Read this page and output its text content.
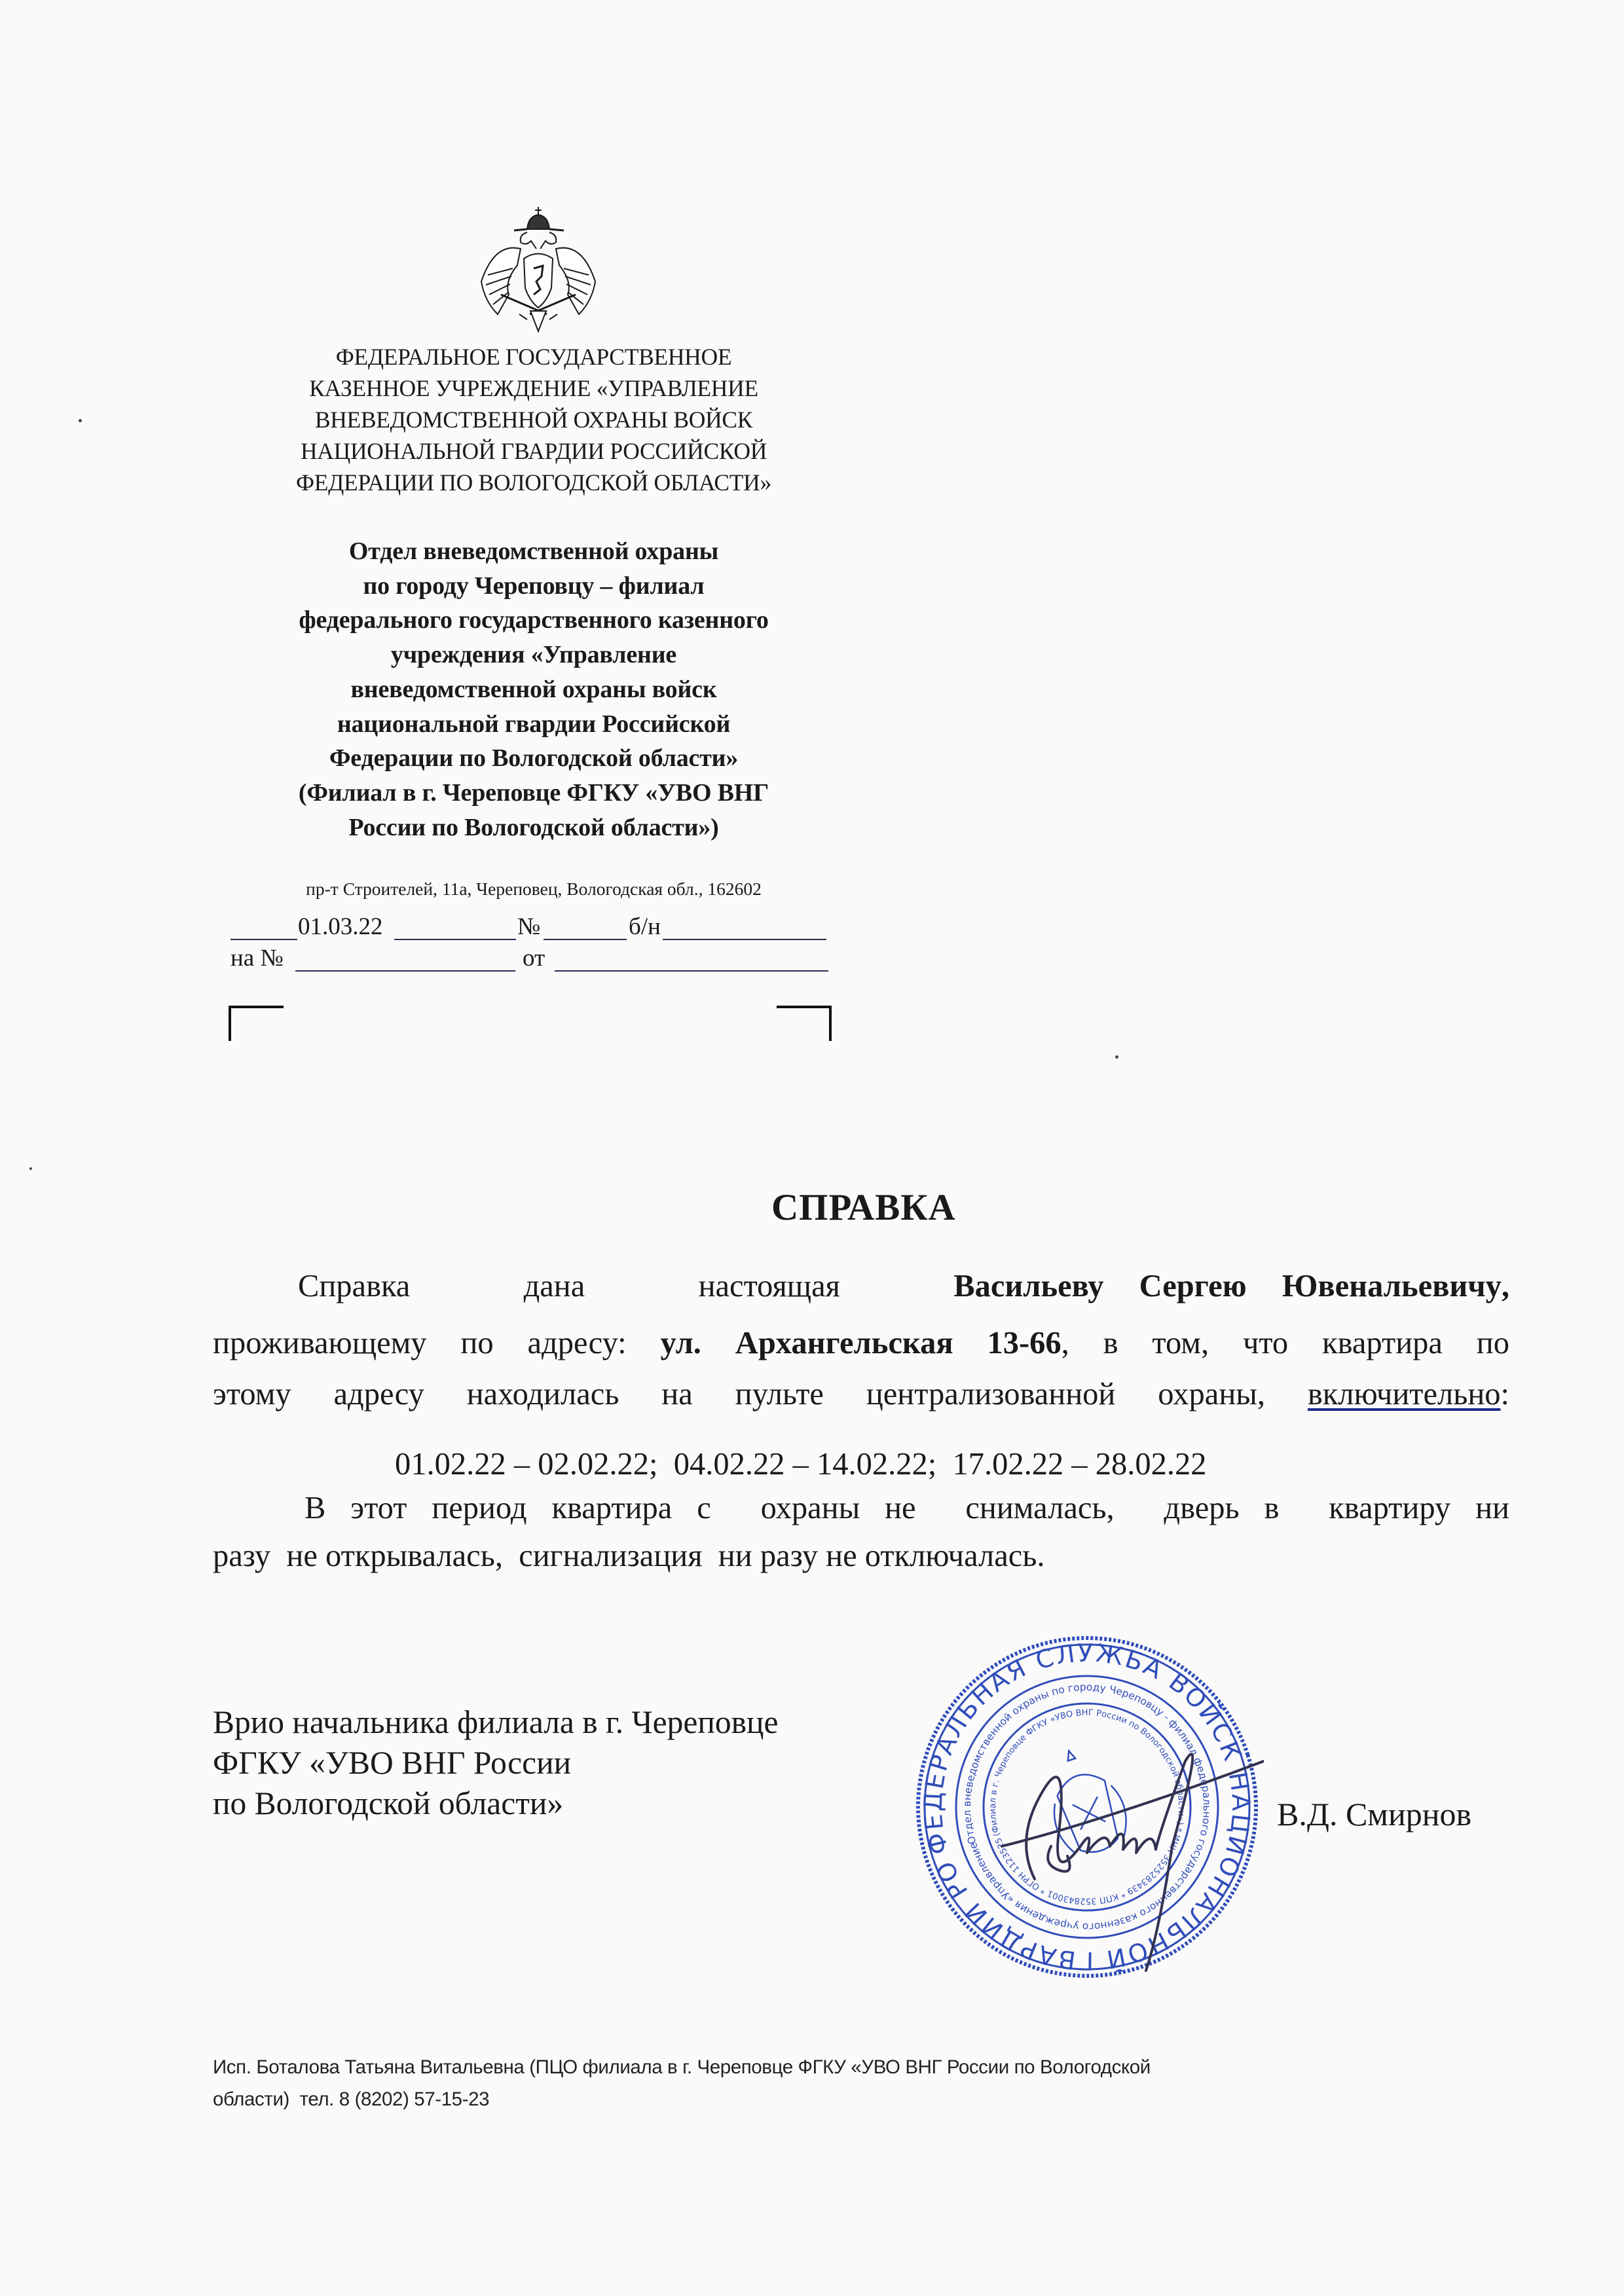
ФЕДЕРАЛЬНОЕ ГОСУДАРСТВЕННОЕ
КАЗЕННОЕ УЧРЕЖДЕНИЕ «УПРАВЛЕНИЕ
ВНЕВЕДОМСТВЕННОЙ ОХРАНЫ ВОЙСК
НАЦИОНАЛЬНОЙ ГВАРДИИ РОССИЙСКОЙ
ФЕДЕРАЦИИ ПО ВОЛОГОДСКОЙ ОБЛАСТИ»
Отдел вневедомственной охраны
по городу Череповцу – филиал
федерального государственного казенного
учреждения «Управление
вневедомственной охраны войск
национальной гвардии Российской
Федерации по Вологодской области»
(Филиал в г. Череповце ФГКУ «УВО ВНГ
России по Вологодской области»)
пр-т Строителей, 11а, Череповец, Вологодская обл., 162602
01.03.22	№	б/н
на №	от
СПРАВКА
Справка	дана	настоящая	Васильеву Сергею Ювенальевичу ,
проживающему по адресу: ул. Архангельская 13-66, в том, что квартира по
этому адресу находилась на пульте централизованной охраны, включительно:
01.02.22 – 02.02.22;  04.02.22 – 14.02.22;  17.02.22 – 28.02.22
В этот период квартира с  охраны не  снималась,  дверь в  квартиру ни
разу  не открывалась,  сигнализация  ни разу не отключалась.
Врио начальника филиала в г. Череповце
ФГКУ «УВО ВНГ России
по Вологодской области»
ФЕДЕРАЛЬНАЯ СЛУЖБА ВОЙСК НАЦИОНАЛЬНОЙ ГВАРДИИ РОССИЙСКОЙ
Отдел вневедомственной охраны по городу Череповцу - филиал федерального государственного казенного учреждения «Управление
(Филиал в г. Череповце ФГКУ «УВО ВНГ России по Вологодской области») * ИНН 3525283439 * КПП 352843001 * ОГРН 1123525011037
В.Д. Смирнов
Исп. Боталова Татьяна Витальевна (ПЦО филиала в г. Череповце ФГКУ «УВО ВНГ России по Вологодской
области)  тел. 8 (8202) 57-15-23
